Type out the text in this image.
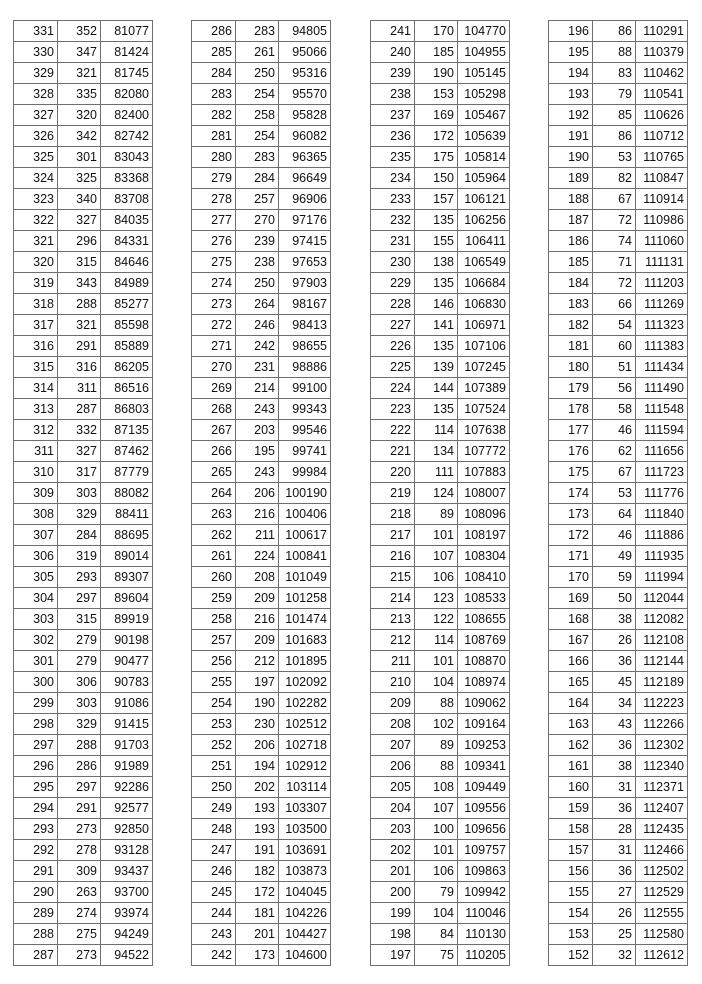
331	352	81077
330	347	81424
329	321	81745
328	335	82080
327	320	82400
326	342	82742
325	301	83043
324	325	83368
323	340	83708
322	327	84035
321	296	84331
320	315	84646
319	343	84989
318	288	85277
317	321	85598
316	291	85889
315	316	86205
314	311	86516
313	287	86803
312	332	87135
311	327	87462
310	317	87779
309	303	88082
308	329	88411
307	284	88695
306	319	89014
305	293	89307
304	297	89604
303	315	89919
302	279	90198
301	279	90477
300	306	90783
299	303	91086
298	329	91415
297	288	91703
296	286	91989
295	297	92286
294	291	92577
293	273	92850
292	278	93128
291	309	93437
290	263	93700
289	274	93974
288	275	94249
287	273	94522
286	283	94805
285	261	95066
284	250	95316
283	254	95570
282	258	95828
281	254	96082
280	283	96365
279	284	96649
278	257	96906
277	270	97176
276	239	97415
275	238	97653
274	250	97903
273	264	98167
272	246	98413
271	242	98655
270	231	98886
269	214	99100
268	243	99343
267	203	99546
266	195	99741
265	243	99984
264	206	100190
263	216	100406
262	211	100617
261	224	100841
260	208	101049
259	209	101258
258	216	101474
257	209	101683
256	212	101895
255	197	102092
254	190	102282
253	230	102512
252	206	102718
251	194	102912
250	202	103114
249	193	103307
248	193	103500
247	191	103691
246	182	103873
245	172	104045
244	181	104226
243	201	104427
242	173	104600
241	170	104770
240	185	104955
239	190	105145
238	153	105298
237	169	105467
236	172	105639
235	175	105814
234	150	105964
233	157	106121
232	135	106256
231	155	106411
230	138	106549
229	135	106684
228	146	106830
227	141	106971
226	135	107106
225	139	107245
224	144	107389
223	135	107524
222	114	107638
221	134	107772
220	111	107883
219	124	108007
218	89	108096
217	101	108197
216	107	108304
215	106	108410
214	123	108533
213	122	108655
212	114	108769
211	101	108870
210	104	108974
209	88	109062
208	102	109164
207	89	109253
206	88	109341
205	108	109449
204	107	109556
203	100	109656
202	101	109757
201	106	109863
200	79	109942
199	104	110046
198	84	110130
197	75	110205
196	86	110291
195	88	110379
194	83	110462
193	79	110541
192	85	110626
191	86	110712
190	53	110765
189	82	110847
188	67	110914
187	72	110986
186	74	111060
185	71	111131
184	72	111203
183	66	111269
182	54	111323
181	60	111383
180	51	111434
179	56	111490
178	58	111548
177	46	111594
176	62	111656
175	67	111723
174	53	111776
173	64	111840
172	46	111886
171	49	111935
170	59	111994
169	50	112044
168	38	112082
167	26	112108
166	36	112144
165	45	112189
164	34	112223
163	43	112266
162	36	112302
161	38	112340
160	31	112371
159	36	112407
158	28	112435
157	31	112466
156	36	112502
155	27	112529
154	26	112555
153	25	112580
152	32	112612
